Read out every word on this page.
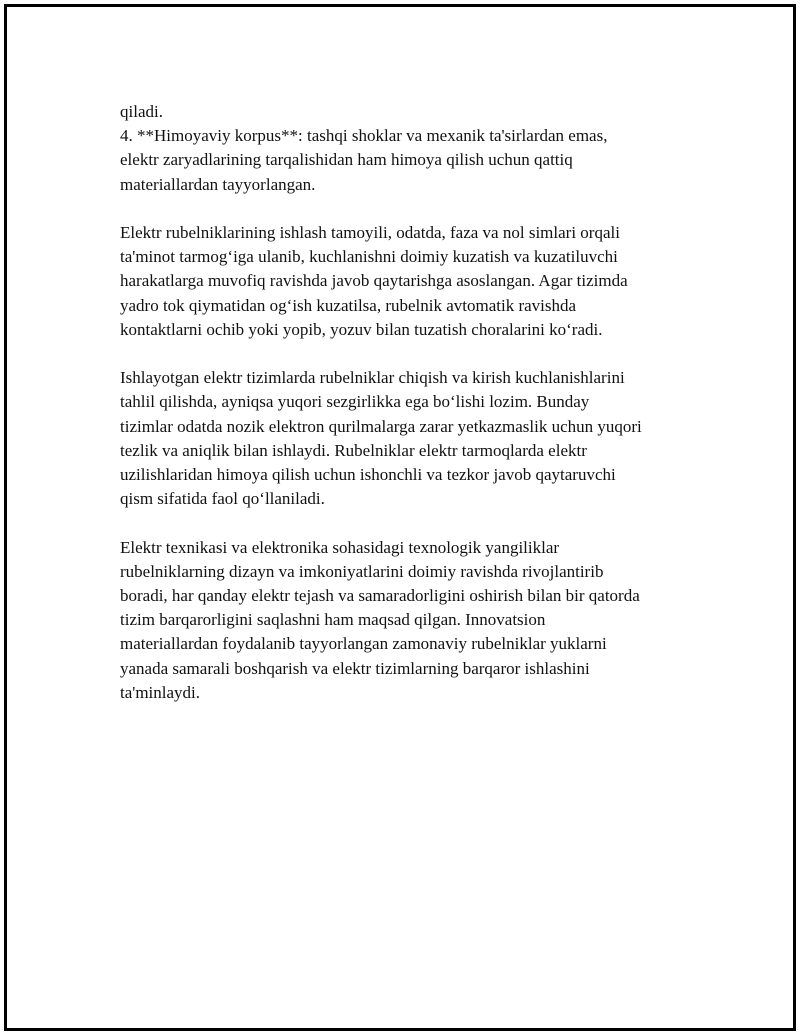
qiladi.
4. **Himoyaviy korpus**: tashqi shoklar va mexanik ta'sirlardan emas,
elektr zaryadlarining tarqalishidan ham himoya qilish uchun qattiq
materiallardan tayyorlangan.

Elektr rubelniklarining ishlash tamoyili, odatda, faza va nol simlari orqali
ta'minot tarmog‘iga ulanib, kuchlanishni doimiy kuzatish va kuzatiluvchi
harakatlarga muvofiq ravishda javob qaytarishga asoslangan. Agar tizimda
yadro tok qiymatidan og‘ish kuzatilsa, rubelnik avtomatik ravishda
kontaktlarni ochib yoki yopib, yozuv bilan tuzatish choralarini ko‘radi.

Ishlayotgan elektr tizimlarda rubelniklar chiqish va kirish kuchlanishlarini
tahlil qilishda, ayniqsa yuqori sezgirlikka ega bo‘lishi lozim. Bunday
tizimlar odatda nozik elektron qurilmalarga zarar yetkazmaslik uchun yuqori
tezlik va aniqlik bilan ishlaydi. Rubelniklar elektr tarmoqlarda elektr
uzilishlaridan himoya qilish uchun ishonchli va tezkor javob qaytaruvchi
qism sifatida faol qo‘llaniladi.

Elektr texnikasi va elektronika sohasidagi texnologik yangiliklar
rubelniklarning dizayn va imkoniyatlarini doimiy ravishda rivojlantirib
boradi, har qanday elektr tejash va samaradorligini oshirish bilan bir qatorda
tizim barqarorligini saqlashni ham maqsad qilgan. Innovatsion
materiallardan foydalanib tayyorlangan zamonaviy rubelniklar yuklarni
yanada samarali boshqarish va elektr tizimlarning barqaror ishlashini
ta'minlaydi.
